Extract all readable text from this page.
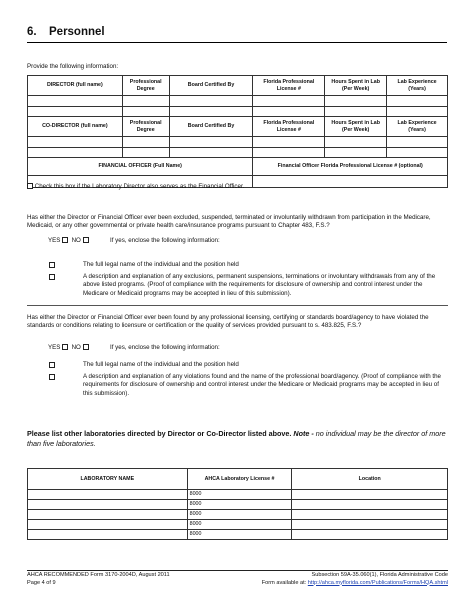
6. Personnel
Provide the following information:
DIRECTOR (full name)	Professional Degree	Board Certified By	Florida Professional License #	Hours Spent in Lab (Per Week)	Lab Experience (Years)

CO-DIRECTOR (full name)	Professional Degree	Board Certified By	Florida Professional License #	Hours Spent in Lab (Per Week)	Lab Experience (Years)

FINANCIAL OFFICER (Full Name)			Financial Officer Florida Professional License # (optional)		

Check this box if the Laboratory Director also serves as the Financial Officer.
Has either the Director or Financial Officer ever been excluded, suspended, terminated or involuntarily withdrawn from participation in the Medicare, Medicaid, or any other governmental or private health care/insurance programs pursuant to Chapter 483, F.S.?
YES NO	If yes, enclose the following information:
The full legal name of the individual and the position held
A description and explanation of any exclusions, permanent suspensions, terminations or involuntary withdrawals from any of the above listed programs. (Proof of compliance with the requirements for disclosure of ownership and control interest under the Medicare or Medicaid programs may be accepted in lieu of this submission).
Has either the Director or Financial Officer ever been found by any professional licensing, certifying or standards board/agency to have violated the standards or conditions relating to licensure or certification or the quality of services provided pursuant to s. 483.825, F.S.?
YES NO	If yes, enclose the following information:
The full legal name of the individual and the position held
A description and explanation of any violations found and the name of the professional board/agency. (Proof of compliance with the requirements for disclosure of ownership and control interest under the Medicare or Medicaid programs may be accepted in lieu of this submission).
Please list other laboratories directed by Director or Co-Director listed above. Note - no individual may be the director of more than five laboratories.
LABORATORY NAME	AHCA Laboratory License #	Location
	8000	
	8000	
	8000	
	8000	
	8000	
AHCA RECOMMENDED Form 3170-2004D, August 2011
Page 4 of 9
Subsection 59A-35.060(1), Florida Administrative Code
Form available at: http://ahca.myflorida.com/Publications/Forms/HQA.shtml
